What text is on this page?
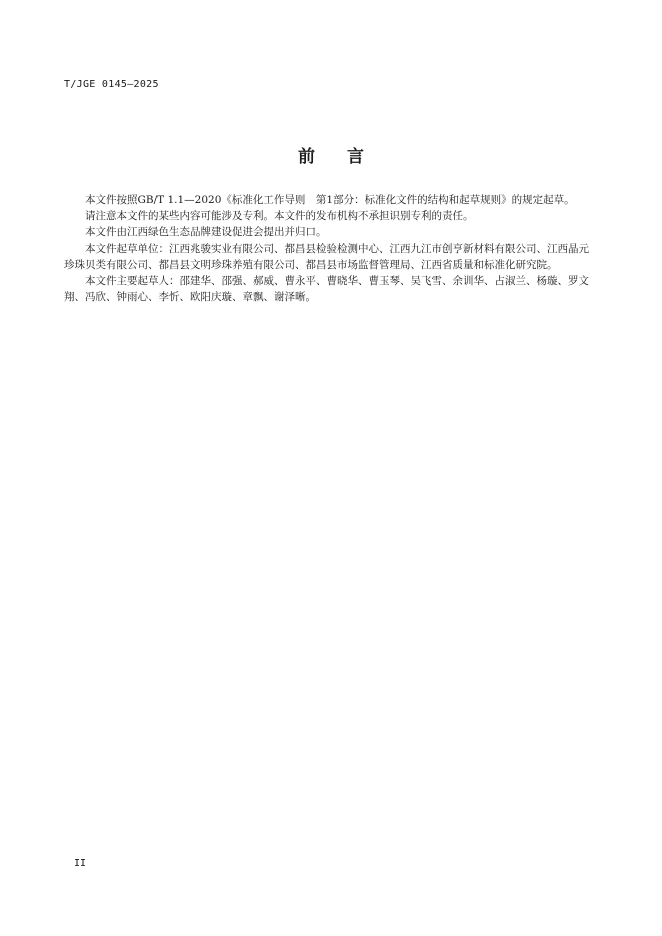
T/JGE 0145—2025
前 言

本文件按照GB/T 1.1—2020《标准化工作导则　第1部分：标准化文件的结构和起草规则》的规定起草。

请注意本文件的某些内容可能涉及专利。本文件的发布机构不承担识别专利的责任。

本文件由江西绿色生态品牌建设促进会提出并归口。

本文件起草单位：江西兆骏实业有限公司、都昌县检验检测中心、江西九江市创亨新材料有限公司、江西晶元珍珠贝类有限公司、都昌县文明珍珠养殖有限公司、都昌县市场监督管理局、江西省质量和标准化研究院。

本文件主要起草人：邵建华、邵强、郝威、曹永平、曹晓华、曹玉琴、吴飞雪、余训华、占淑兰、杨璇、罗文翔、冯欣、钟雨心、李忻、欧阳庆璇、章飘、谢泽晰。

II
